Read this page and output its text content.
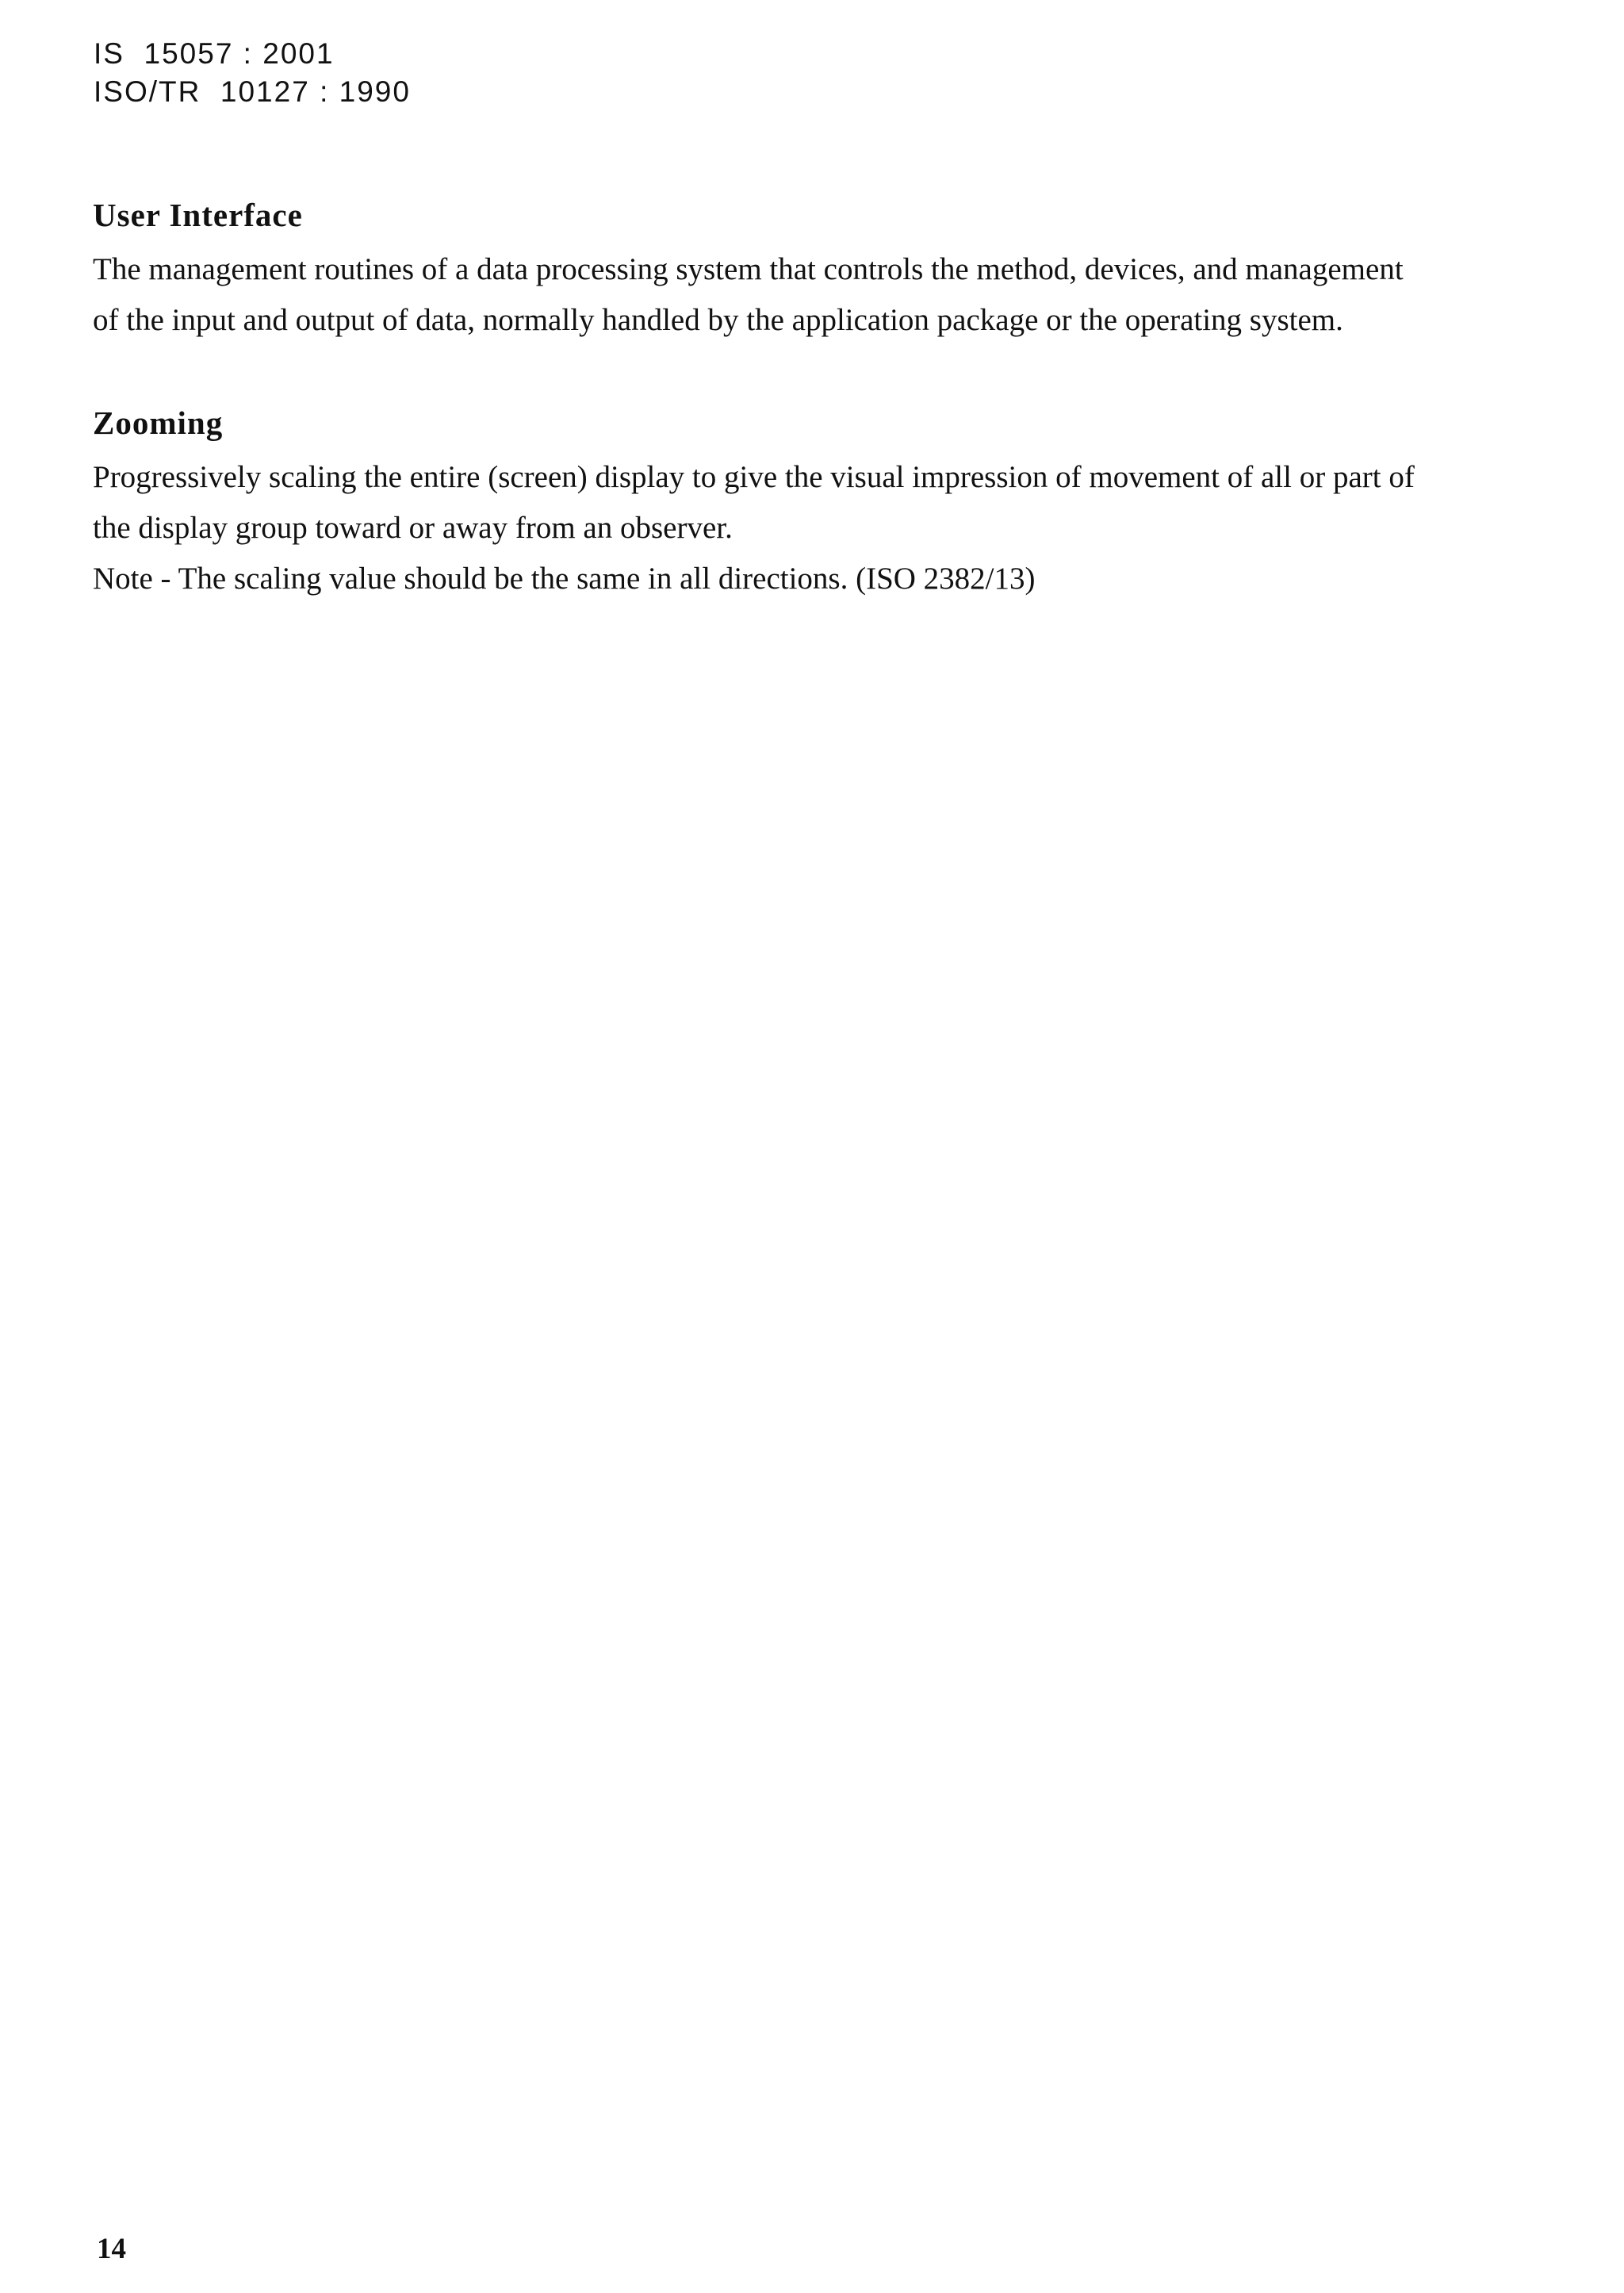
IS  15057 : 2001
ISO/TR  10127 : 1990
User Interface
The management routines of a data processing system that controls the method, devices, and management
of the input and output of data, normally handled by the application package or the operating system.
Zooming
Progressively scaling the entire (screen) display to give the visual impression of movement of all or part of
the display group toward or away from an observer.
Note - The scaling value should be the same in all directions. (ISO 2382/13)
14
